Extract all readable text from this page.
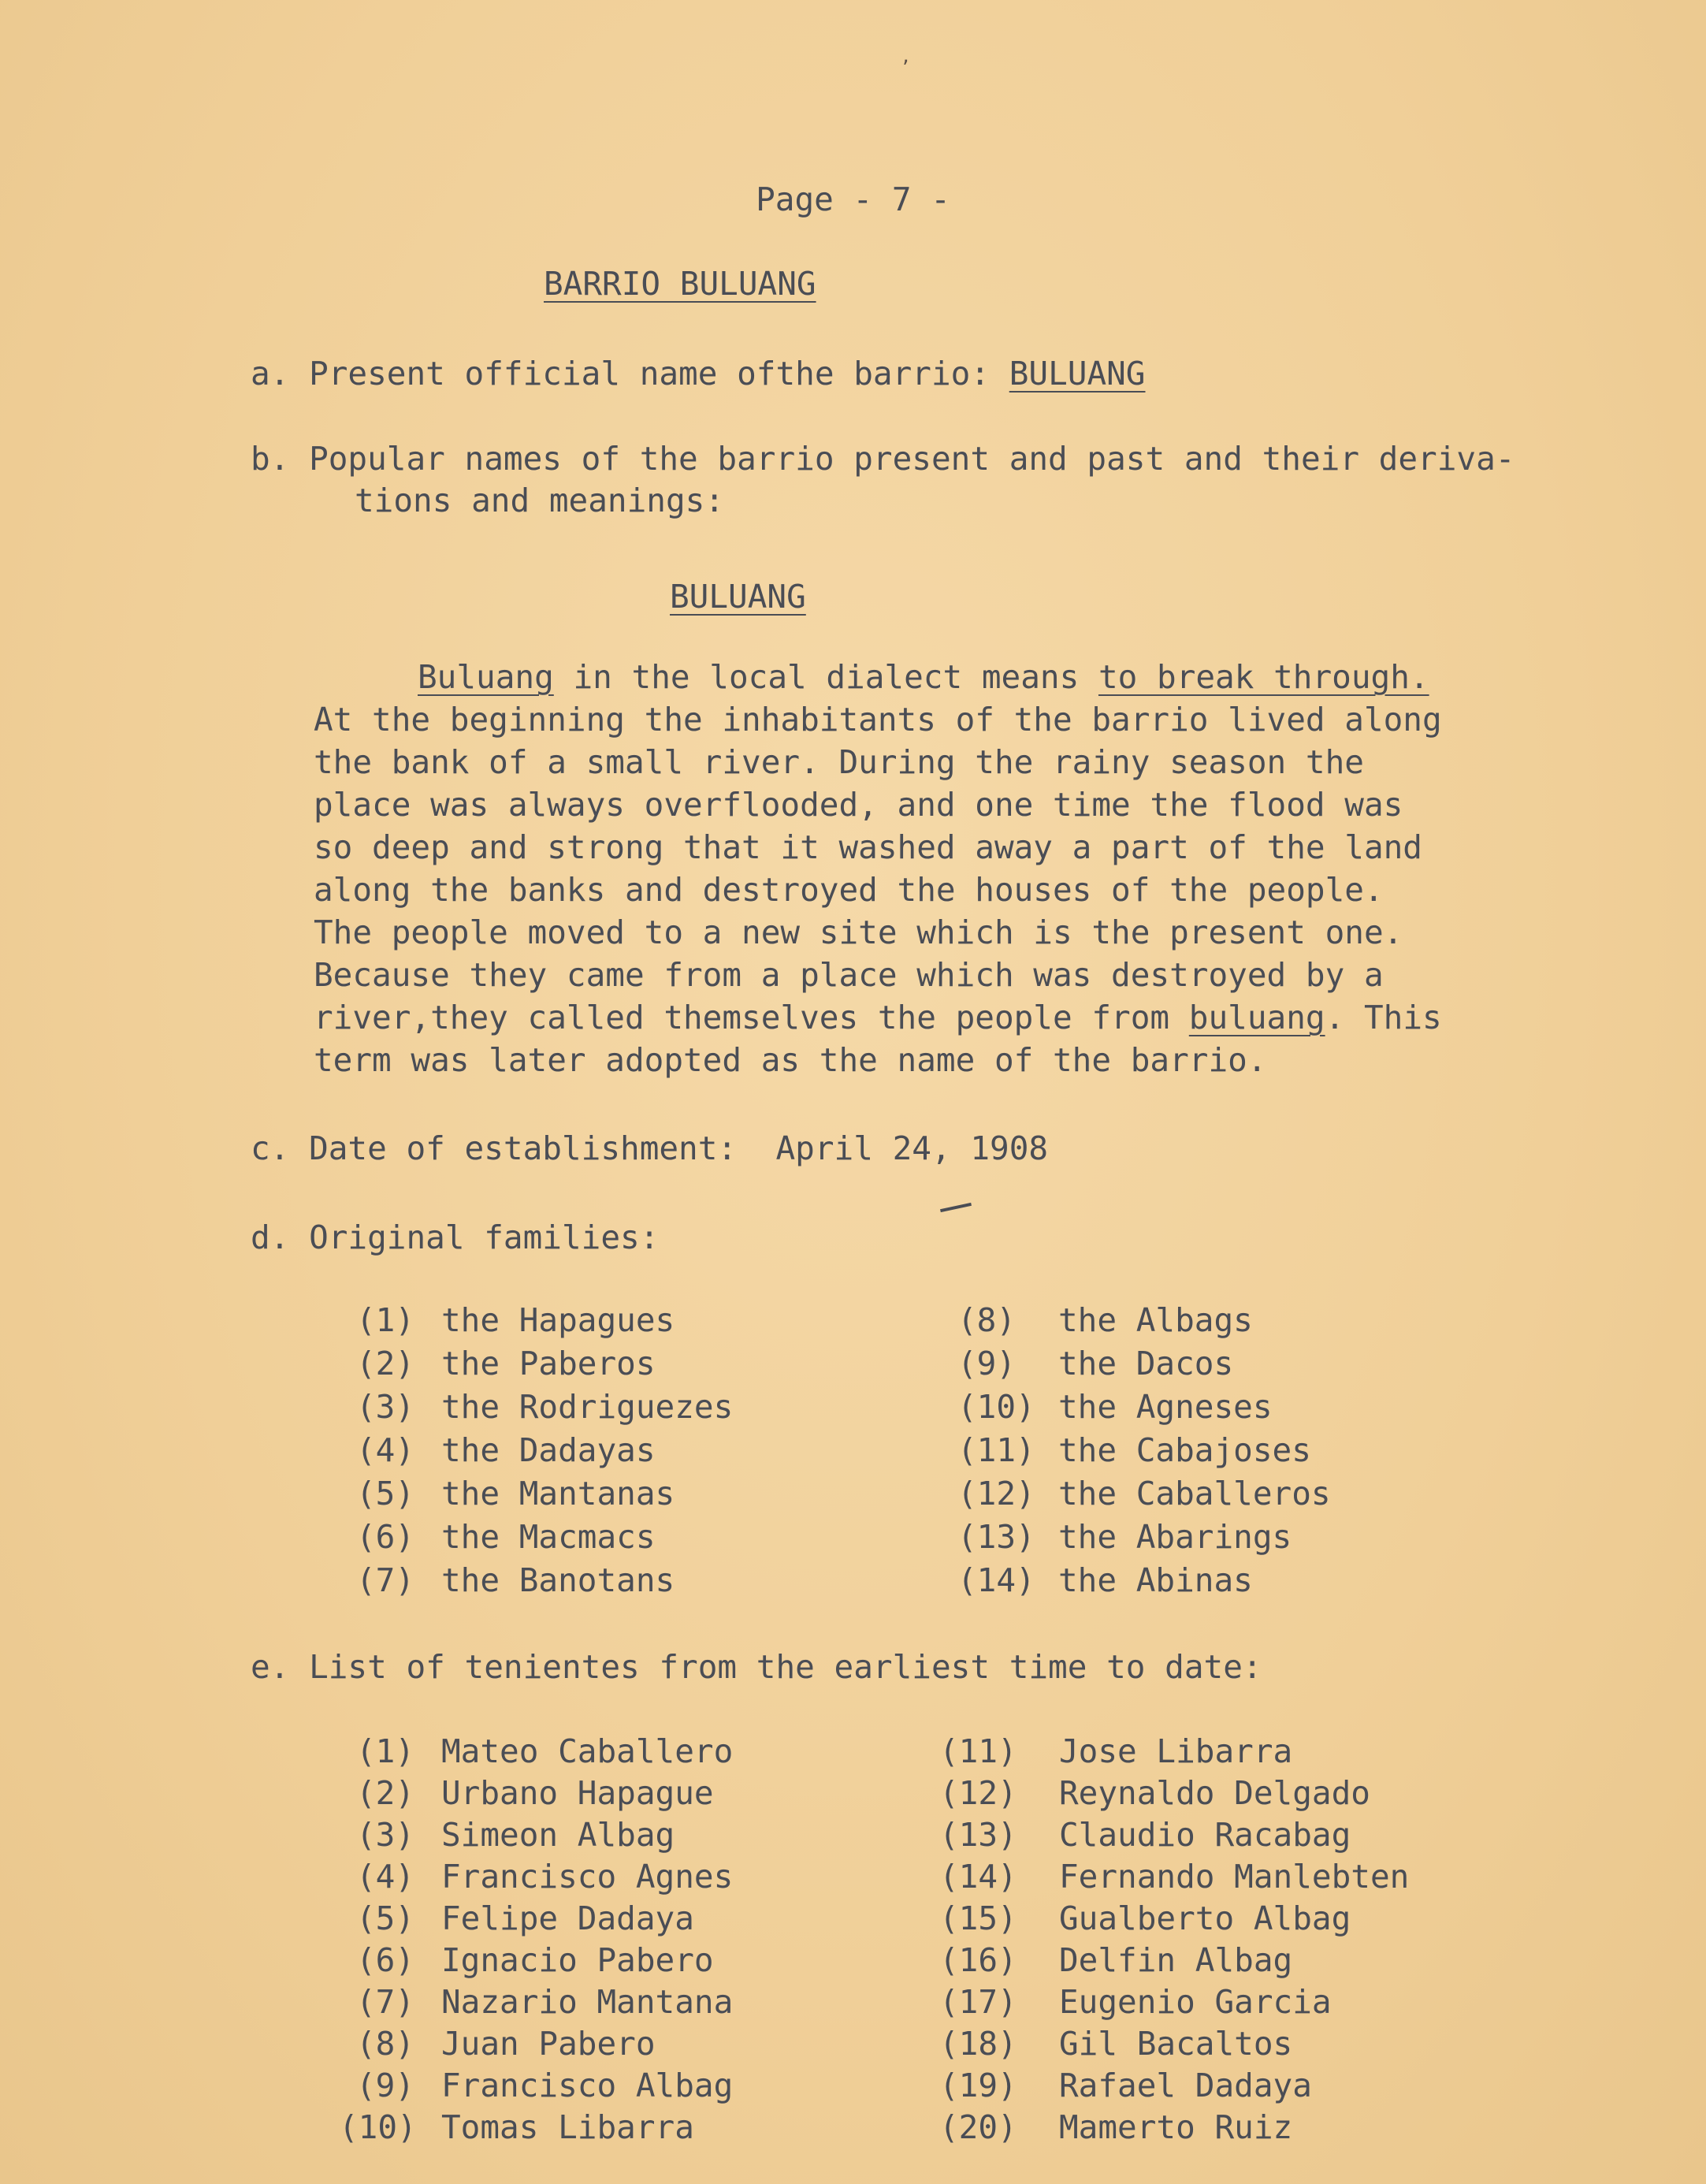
,
Page - 7 -
BARRIO BULUANG
a. Present official name ofthe barrio: BULUANG
b. Popular names of the barrio present and past and their deriva-
tions and meanings:
BULUANG
Buluang in the local dialect means to break through.
At the beginning the inhabitants of the barrio lived along
the bank of a small river. During the rainy season the
place was always overflooded, and one time the flood was
so deep and strong that it washed away a part of the land
along the banks and destroyed the houses of the people.
The people moved to a new site which is the present one.
Because they came from a place which was destroyed by a
river,they called themselves the people from buluang. This
term was later adopted as the name of the barrio.
c. Date of establishment: April 24, 1908
d. Original families:
(1) the Hapagues
(2) the Paberos
(3) the Rodriguezes
(4) the Dadayas
(5) the Mantanas
(6) the Macmacs
(7) the Banotans
(8)	the Albags
(9)	the Dacos
(10) the Agneses
(11) the Cabajoses
(12) the Caballeros
(13) the Abarings
(14) the Abinas
e. List of tenientes from the earliest time to date:
(1) Mateo Caballero
(2) Urbano Hapague
(3) Simeon Albag
(4) Francisco Agnes
(5) Felipe Dadaya
(6) Ignacio Pabero
(7) Nazario Mantana
(8) Juan Pabero
(9) Francisco Albag
(10) Tomas Libarra
(11)	Jose Libarra
(12)	Reynaldo Delgado
(13)	Claudio Racabag
(14)	Fernando Manlebten
(15)	Gualberto Albag
(16)	Delfin Albag
(17)	Eugenio Garcia
(18)	Gil Bacaltos
(19)	Rafael Dadaya
(20)	Mamerto Ruiz
